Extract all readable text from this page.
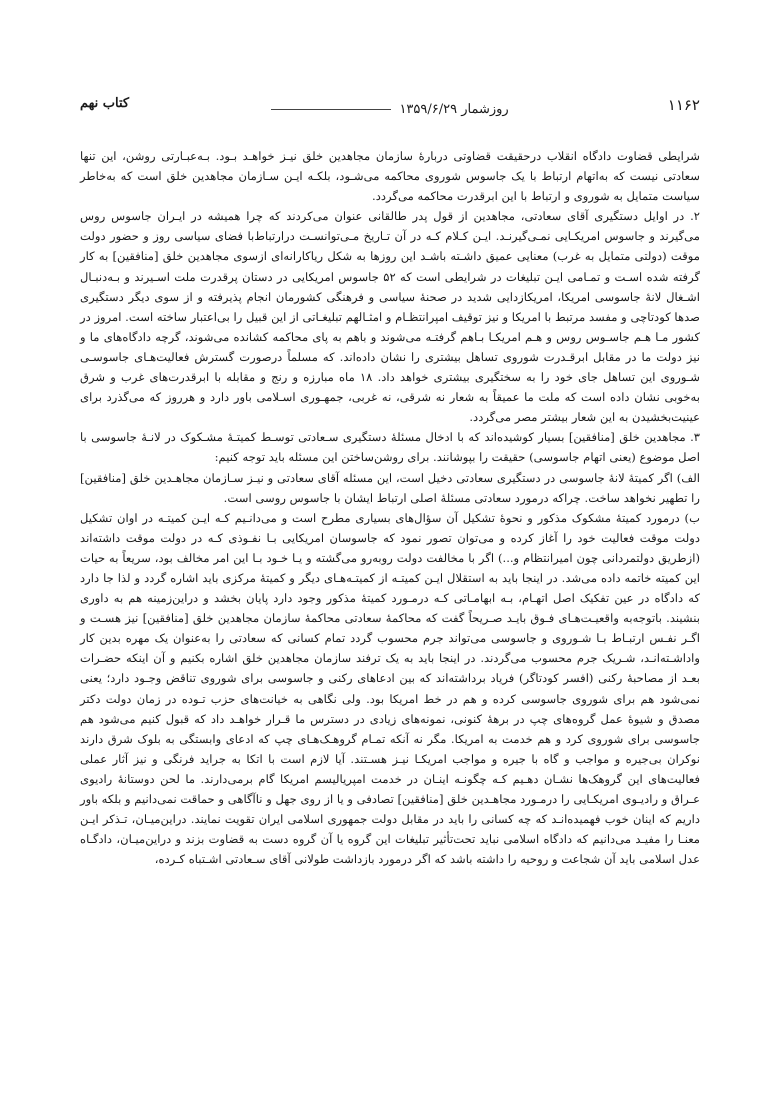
۱۱۶۲
روزشمار ۱۳۵۹/۶/۲۹
کتاب نهم

شرایطی قضاوت دادگاه انقلاب درحقیقت قضاوتی دربارهٔ سازمان مجاهدین خلق نیـز خواهـد بـود. بـه‌عبـارتی روشن، این تنها سعادتی نیست که به‌اتهام ارتباط با یک جاسوس شوروی محاکمه می‌شـود، بلکـه ایـن سـازمان مجاهدین خلق است که به‌خاطر سیاست متمایل به شوروی و ارتباط با این ابرقدرت محاکمه می‌گردد.

۲. در اوایل دستگیری آقای سعادتی، مجاهدین از قول پدر طالقانی عنوان می‌کردند که چرا همیشه در ایـران جاسوس روس می‌گیرند و جاسوس امریکـایی نمـی‌گیرنـد. ایـن کـلام کـه در آن تـاریخ مـی‌توانسـت درارتباط‌با فضای سیاسی روز و حضور دولت موقت (دولتی متمایل به غرب) معنایی عمیق داشـته باشـد این روزها به شکل ریاکارانه‌ای ازسوی مجاهدین خلق [منافقین] به کار گرفته شده اسـت و تمـامی ایـن تبلیغات در شرایطی است که ۵۲ جاسوس امریکایی در دستان پرقدرت ملت اسـیرند و بـه‌دنبـال اشـغال لانهٔ جاسوسی امریکا، امریکازدایی شدید در صحنهٔ سیاسی و فرهنگی کشورمان انجام پذیرفته و از سوی دیگر دستگیری صدها کودتاچی و مفسد مرتبط با امریکا و نیز توقیف امپرانتظـام و امثـالهم تبلیغـاتی از این قبیل را بی‌اعتبار ساخته است. امروز در کشور مـا هـم جاسـوس روس و هـم امریکـا بـاهم گرفتـه می‌شوند و باهم به پای محاکمه کشانده می‌شوند، گرچه دادگاه‌های ما و نیز دولت ما در مقابل ابرقـدرت شوروی تساهل بیشتری را نشان داده‌اند. که مسلماً درصورت گسترش فعالیت‌هـای جاسوسـی شـوروی این تساهل جای خود را به سختگیری بیشتری خواهد داد. ۱۸ ماه مبارزه و رنج و مقابله با ابرقدرت‌های غرب و شرق به‌خوبی نشان داده است که ملت ما عمیقاً به شعار نه شرقی، نه غربی، جمهـوری اسـلامی باور دارد و هرروز که می‌گذرد برای عینیت‌بخشیدن به این شعار بیشتر مصر می‌گردد.

۳. مجاهدین خلق [منافقین] بسیار کوشیده‌اند که با ادخال مسئلهٔ دستگیری سـعادتی توسـط کمیتـهٔ مشـکوک در لانـهٔ جاسوسی با اصل موضوع (یعنی اتهام جاسوسی) حقیقت را بپوشانند. برای روشن‌ساختن این مسئله باید توجه کنیم:

الف) اگر کمیتهٔ لانهٔ جاسوسی در دستگیری سعادتی دخیل است، این مسئله آقای سعادتی و نیـز سـازمان مجاهـدین خلق [منافقین] را تطهیر نخواهد ساخت. چراکه درمورد سعادتی مسئلهٔ اصلی ارتباط ایشان با جاسوس روسی است.

ب) درمورد کمیتهٔ مشکوک مذکور و نحوهٔ تشکیل آن سؤال‌های بسیاری مطرح است و می‌دانـیم کـه ایـن کمیتـه در اوان تشکیل دولت موقت فعالیت خود را آغاز کرده و می‌توان تصور نمود که جاسوسان امریکایی بـا نفـوذی کـه در دولت موقت داشته‌اند (ازطریق دولتمردانی چون امیرانتظام و...) اگر با مخالفت دولت روبه‌رو می‌گشته و یـا خـود بـا این امر مخالف بود، سریعاً به حیات این کمیته خاتمه داده می‌شد. در اینجا باید به استقلال ایـن کمیتـه از کمیتـه‌هـای دیگر و کمیتهٔ مرکزی باید اشاره گردد و لذا جا دارد که دادگاه در عین تفکیک اصل اتهـام، بـه ابهامـاتی کـه درمـورد کمیتهٔ مذکور وجود دارد پایان بخشد و دراین‌زمینه هم به داوری بنشیند. باتوجه‌به واقعیـت‌هـای فـوق بایـد صـریحاً گفت که محاکمهٔ سعادتی محاکمهٔ سازمان مجاهدین خلق [منافقین] نیز هسـت و اگـر نفـس ارتبـاط بـا شـوروی و جاسوسی می‌تواند جرم محسوب گردد تمام کسانی که سعادتی را به‌عنوان یک مهره بدین کار واداشـته‌انـد، شـریک جرم محسوب می‌گردند. در اینجا باید به یک ترفند سازمان مجاهدین خلق اشاره بکنیم و آن اینکه حضـرات بعـد از مصاحبهٔ رکنی (افسر کودتاگر) فریاد برداشته‌اند که بین ادعاهای رکنی و جاسوسی برای شوروی تناقض وجـود دارد؛ یعنی نمی‌شود هم برای شوروی جاسوسی کرده و هم در خط امریکا بود. ولی نگاهی به خیانت‌های حزب تـوده در زمان دولت دکتر مصدق و شیوهٔ عمل گروه‌های چپ در برههٔ کنونی، نمونه‌های زیادی در دسترس ما قـرار خواهـد داد که قبول کنیم می‌شود هم جاسوسی برای شوروی کرد و هم خدمت به امریکا. مگر نه آنکه تمـام گروهـک‌هـای چپ که ادعای وابستگی به بلوک شرق دارند نوکران بی‌جیره و مواجب و گاه با جیره و مواجب امریکـا نیـز هسـتند. آیا لازم است با اتکا به جراید فرنگی و نیز آثار عملی فعالیت‌های این گروهک‌ها نشـان دهـیم کـه چگونـه اینـان در خدمت امپریالیسم امریکا گام برمی‌دارند. ما لحن دوستانهٔ رادیوی عـراق و رادیـوی امریکـایی را درمـورد مجاهـدین خلق [منافقین] تصادفی و یا از روی جهل و ناآگاهی و حماقت نمی‌دانیم و بلکه باور داریم که اینان خوب فهمیده‌انـد که چه کسانی را باید در مقابل دولت جمهوری اسلامی ایران تقویت نمایند. دراین‌میـان، تـذکر ایـن معنـا را مفیـد می‌دانیم که دادگاه اسلامی نباید تحت‌تأثیر تبلیغات این گروه یا آن گروه دست به قضاوت بزند و دراین‌میـان، دادگـاه عدل اسلامی باید آن شجاعت و روحیه را داشته باشد که اگر درمورد بازداشت طولانی آقای سـعادتی اشـتباه کـرده،
